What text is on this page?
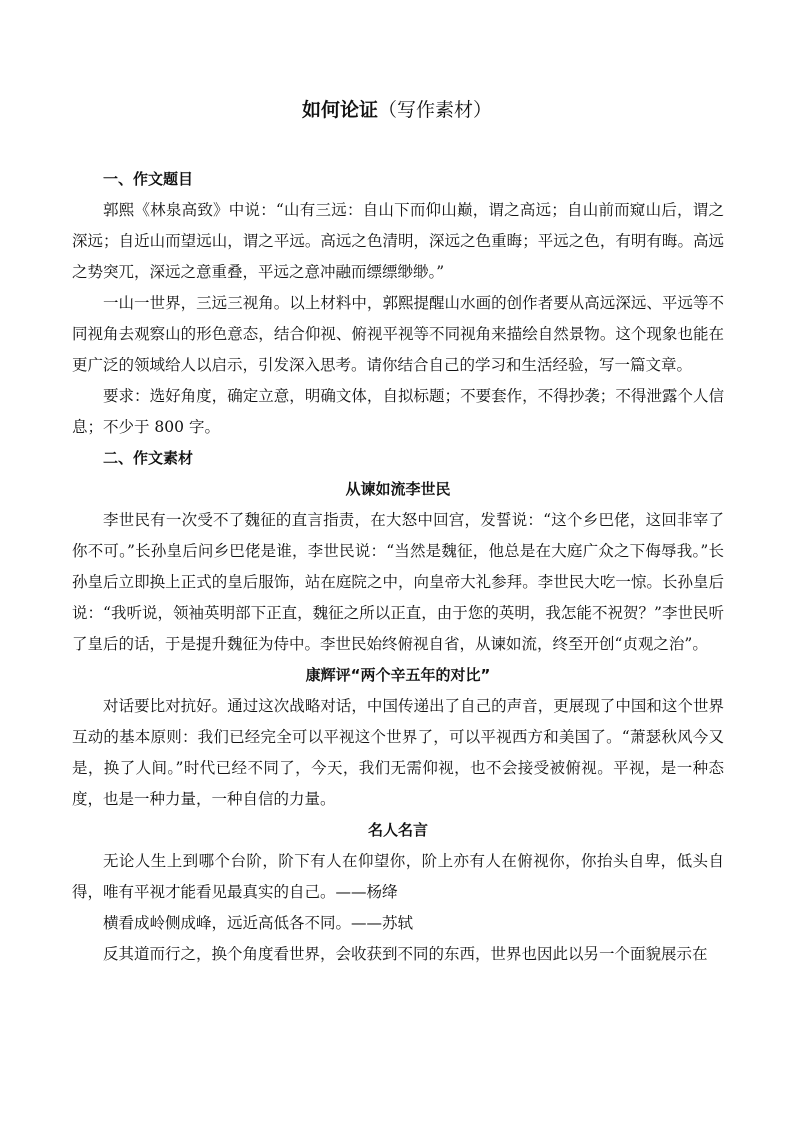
如何论证（写作素材）

一、作文题目

郭熙《林泉高致》中说：“山有三远：自山下而仰山巅，谓之高远；自山前而窥山后，谓之深远；自近山而望远山，谓之平远。高远之色清明，深远之色重晦；平远之色，有明有晦。高远之势突兀，深远之意重叠，平远之意冲融而缥缥缈缈。”

一山一世界，三远三视角。以上材料中，郭熙提醒山水画的创作者要从高远深远、平远等不同视角去观察山的形色意态，结合仰视、俯视平视等不同视角来描绘自然景物。这个现象也能在更广泛的领域给人以启示，引发深入思考。请你结合自己的学习和生活经验，写一篇文章。

要求：选好角度，确定立意，明确文体，自拟标题；不要套作，不得抄袭；不得泄露个人信息；不少于 800 字。

二、作文素材

从谏如流李世民

李世民有一次受不了魏征的直言指责，在大怒中回宫，发誓说：“这个乡巴佬，这回非宰了你不可。”长孙皇后问乡巴佬是谁，李世民说：“当然是魏征，他总是在大庭广众之下侮辱我。”长孙皇后立即换上正式的皇后服饰，站在庭院之中，向皇帝大礼参拜。李世民大吃一惊。长孙皇后说：“我听说，领袖英明部下正直，魏征之所以正直，由于您的英明，我怎能不祝贺？”李世民听了皇后的话，于是提升魏征为侍中。李世民始终俯视自省，从谏如流，终至开创“贞观之治”。

康辉评“两个辛五年的对比”

对话要比对抗好。通过这次战略对话，中国传递出了自己的声音，更展现了中国和这个世界互动的基本原则：我们已经完全可以平视这个世界了，可以平视西方和美国了。“萧瑟秋风今又是，换了人间。”时代已经不同了，今天，我们无需仰视，也不会接受被俯视。平视，是一种态度，也是一种力量，一种自信的力量。

名人名言

无论人生上到哪个台阶，阶下有人在仰望你，阶上亦有人在俯视你，你抬头自卑，低头自得，唯有平视才能看见最真实的自己。——杨绛

横看成岭侧成峰，远近高低各不同。——苏轼

反其道而行之，换个角度看世界，会收获到不同的东西，世界也因此以另一个面貌展示在
